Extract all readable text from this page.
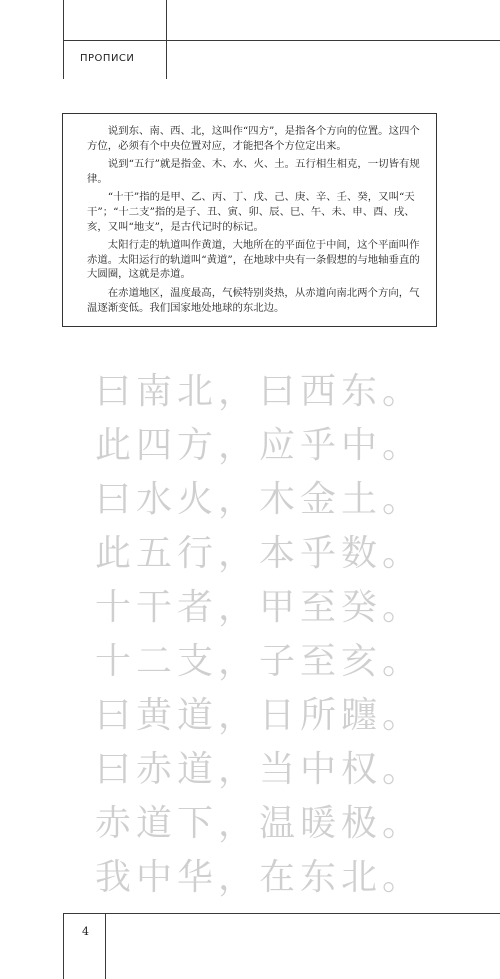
ПРОПИСИ

说到东、南、西、北，这叫作“四方”，是指各个方向的位置。这四个方位，必须有个中央位置对应，才能把各个方位定出来。

说到“五行”就是指金、木、水、火、土。五行相生相克，一切皆有规律。

“十干”指的是甲、乙、丙、丁、戊、己、庚、辛、壬、癸，又叫“天干”；“十二支”指的是子、丑、寅、卯、辰、巳、午、未、申、酉、戌、亥，又叫“地支”，是古代记时的标记。

太阳行走的轨道叫作黄道，大地所在的平面位于中间，这个平面叫作赤道。太阳运行的轨道叫“黄道”，在地球中央有一条假想的与地轴垂直的大圆圈，这就是赤道。

在赤道地区，温度最高，气候特别炎热，从赤道向南北两个方向，气温逐渐变低。我们国家地处地球的东北边。

曰南北，曰西东。
此四方，应乎中。
曰水火，木金土。
此五行，本乎数。
十干者，甲至癸。
十二支，子至亥。
曰黄道，日所躔。
曰赤道，当中权。
赤道下，温暖极。
我中华，在东北。
4
